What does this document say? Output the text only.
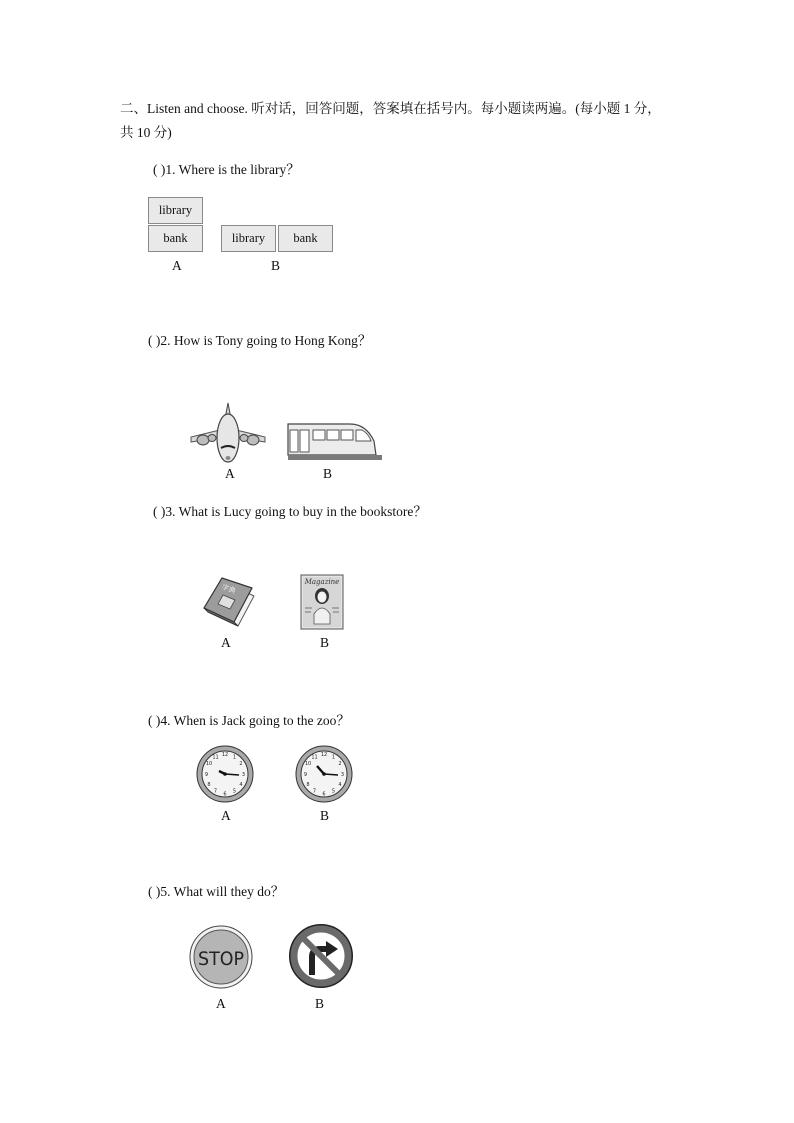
二、Listen and choose. 听对话，回答问题，答案填在括号内。每小题读两遍。(每小题 1 分，
共 10 分)
( )1. Where is the library？
library
bank
A
library	bank
B
( )2. How is Tony going to Hong Kong？
A	B
( )3. What is Lucy going to buy in the bookstore？
字典
A
Magazine
B
( )4. When is Jack going to the zoo？
12 1
2
3
4
5
6
7
8
9
10
11
A
12 1
2
3
4
5
6
7
8
9
10
11
B
( )5. What will they do？
STOP
A	B
